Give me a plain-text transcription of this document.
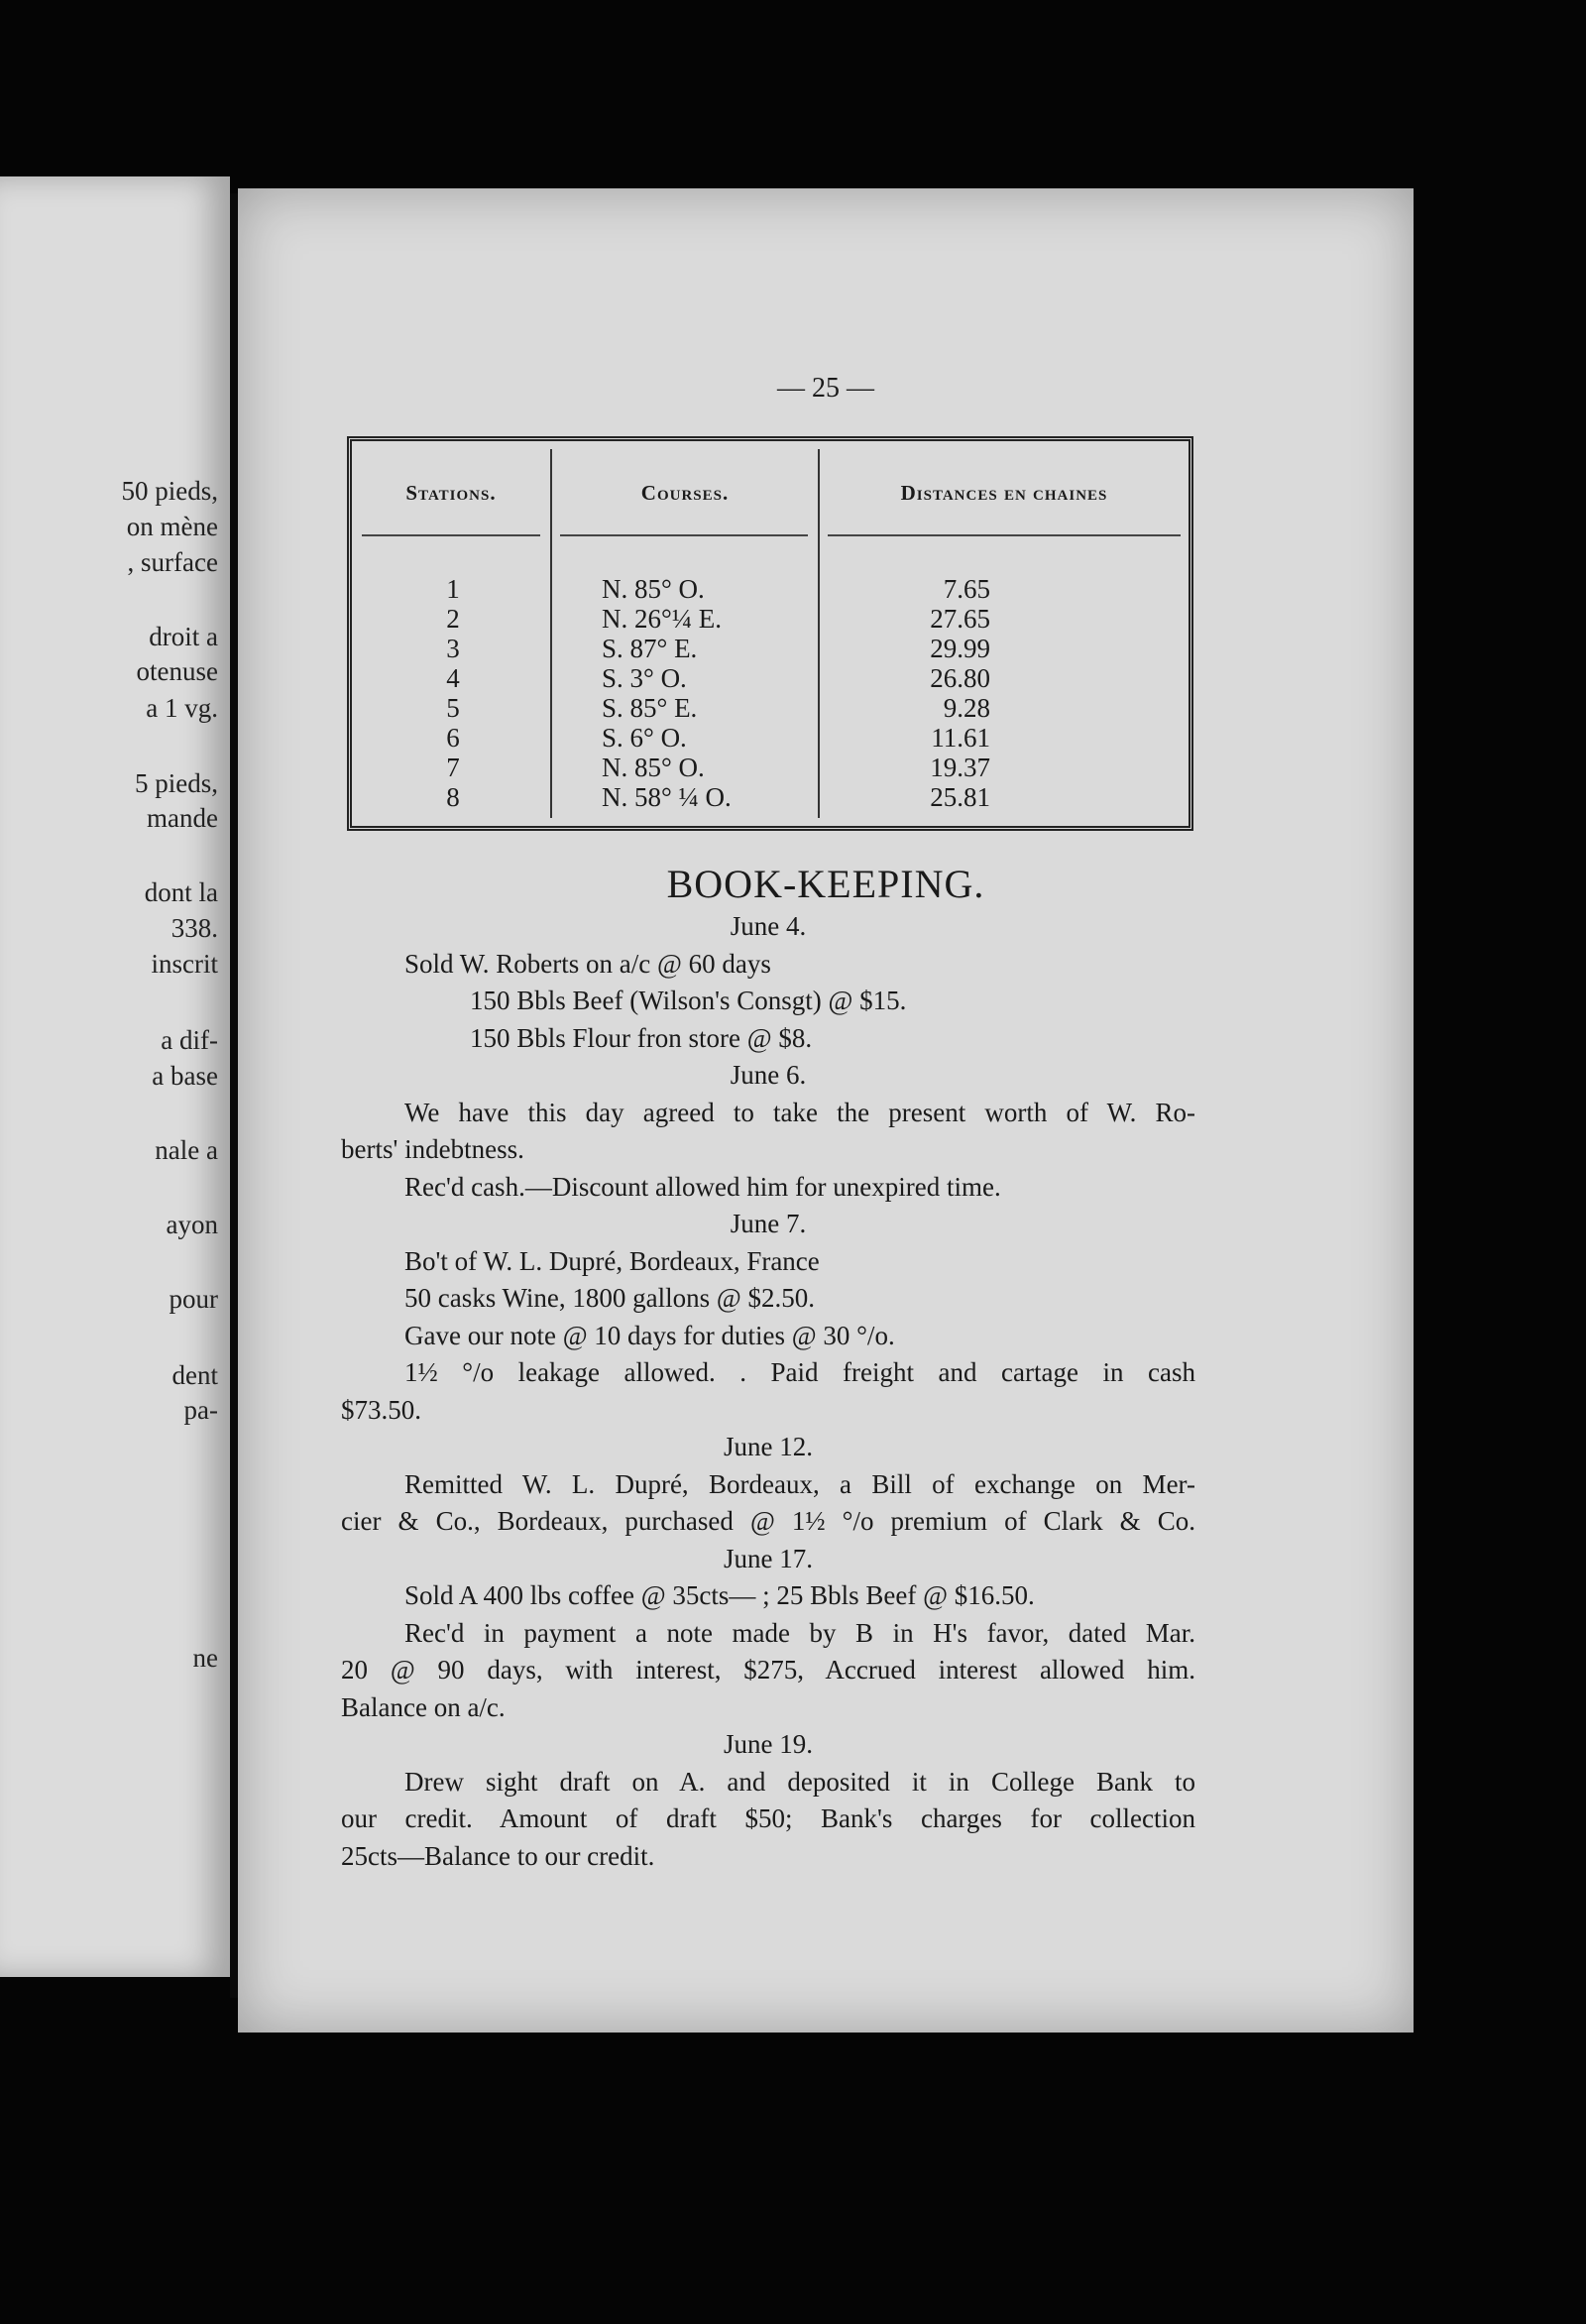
50 pieds,
on mène
, surface
droit a
otenuse
a 1 vg.
5 pieds,
mande
dont la
338.
inscrit
a dif-
a base
nale a
ayon
pour
dent
pa-
ne
— 25 —
Stations.	Courses.	Distances en chaines
1	N. 85° O.	7.65
2	N. 26°¼ E.	27.65
3	S. 87° E.	29.99
4	S. 3° O.	26.80
5	S. 85° E.	9.28
6	S. 6° O.	11.61
7	N. 85° O.	19.37
8	N. 58° ¼ O.	25.81
BOOK-KEEPING.
June 4.
Sold W. Roberts on a/c @ 60 days
150 Bbls Beef (Wilson's Consgt) @ $15.
150 Bbls Flour fron store @ $8.
June 6.
We have this day agreed to take the present worth of W. Ro-
berts' indebtness.
Rec'd cash.—Discount allowed him for unexpired time.
June 7.
Bo't of W. L. Dupré, Bordeaux, France
50 casks Wine, 1800 gallons @ $2.50.
Gave our note @ 10 days for duties @ 30 °/o.
1½ °/o leakage allowed. . Paid freight and cartage in cash
$73.50.
June 12.
Remitted W. L. Dupré, Bordeaux, a Bill of exchange on Mer-
cier & Co., Bordeaux, purchased @ 1½ °/o premium of Clark & Co.
June 17.
Sold A 400 lbs coffee @ 35cts— ; 25 Bbls Beef @ $16.50.
Rec'd in payment a note made by B in H's favor, dated Mar.
20 @ 90 days, with interest, $275, Accrued interest allowed him.
Balance on a/c.
June 19.
Drew sight draft on A. and deposited it in College Bank to
our credit. Amount of draft $50; Bank's charges for collection
25cts—Balance to our credit.
